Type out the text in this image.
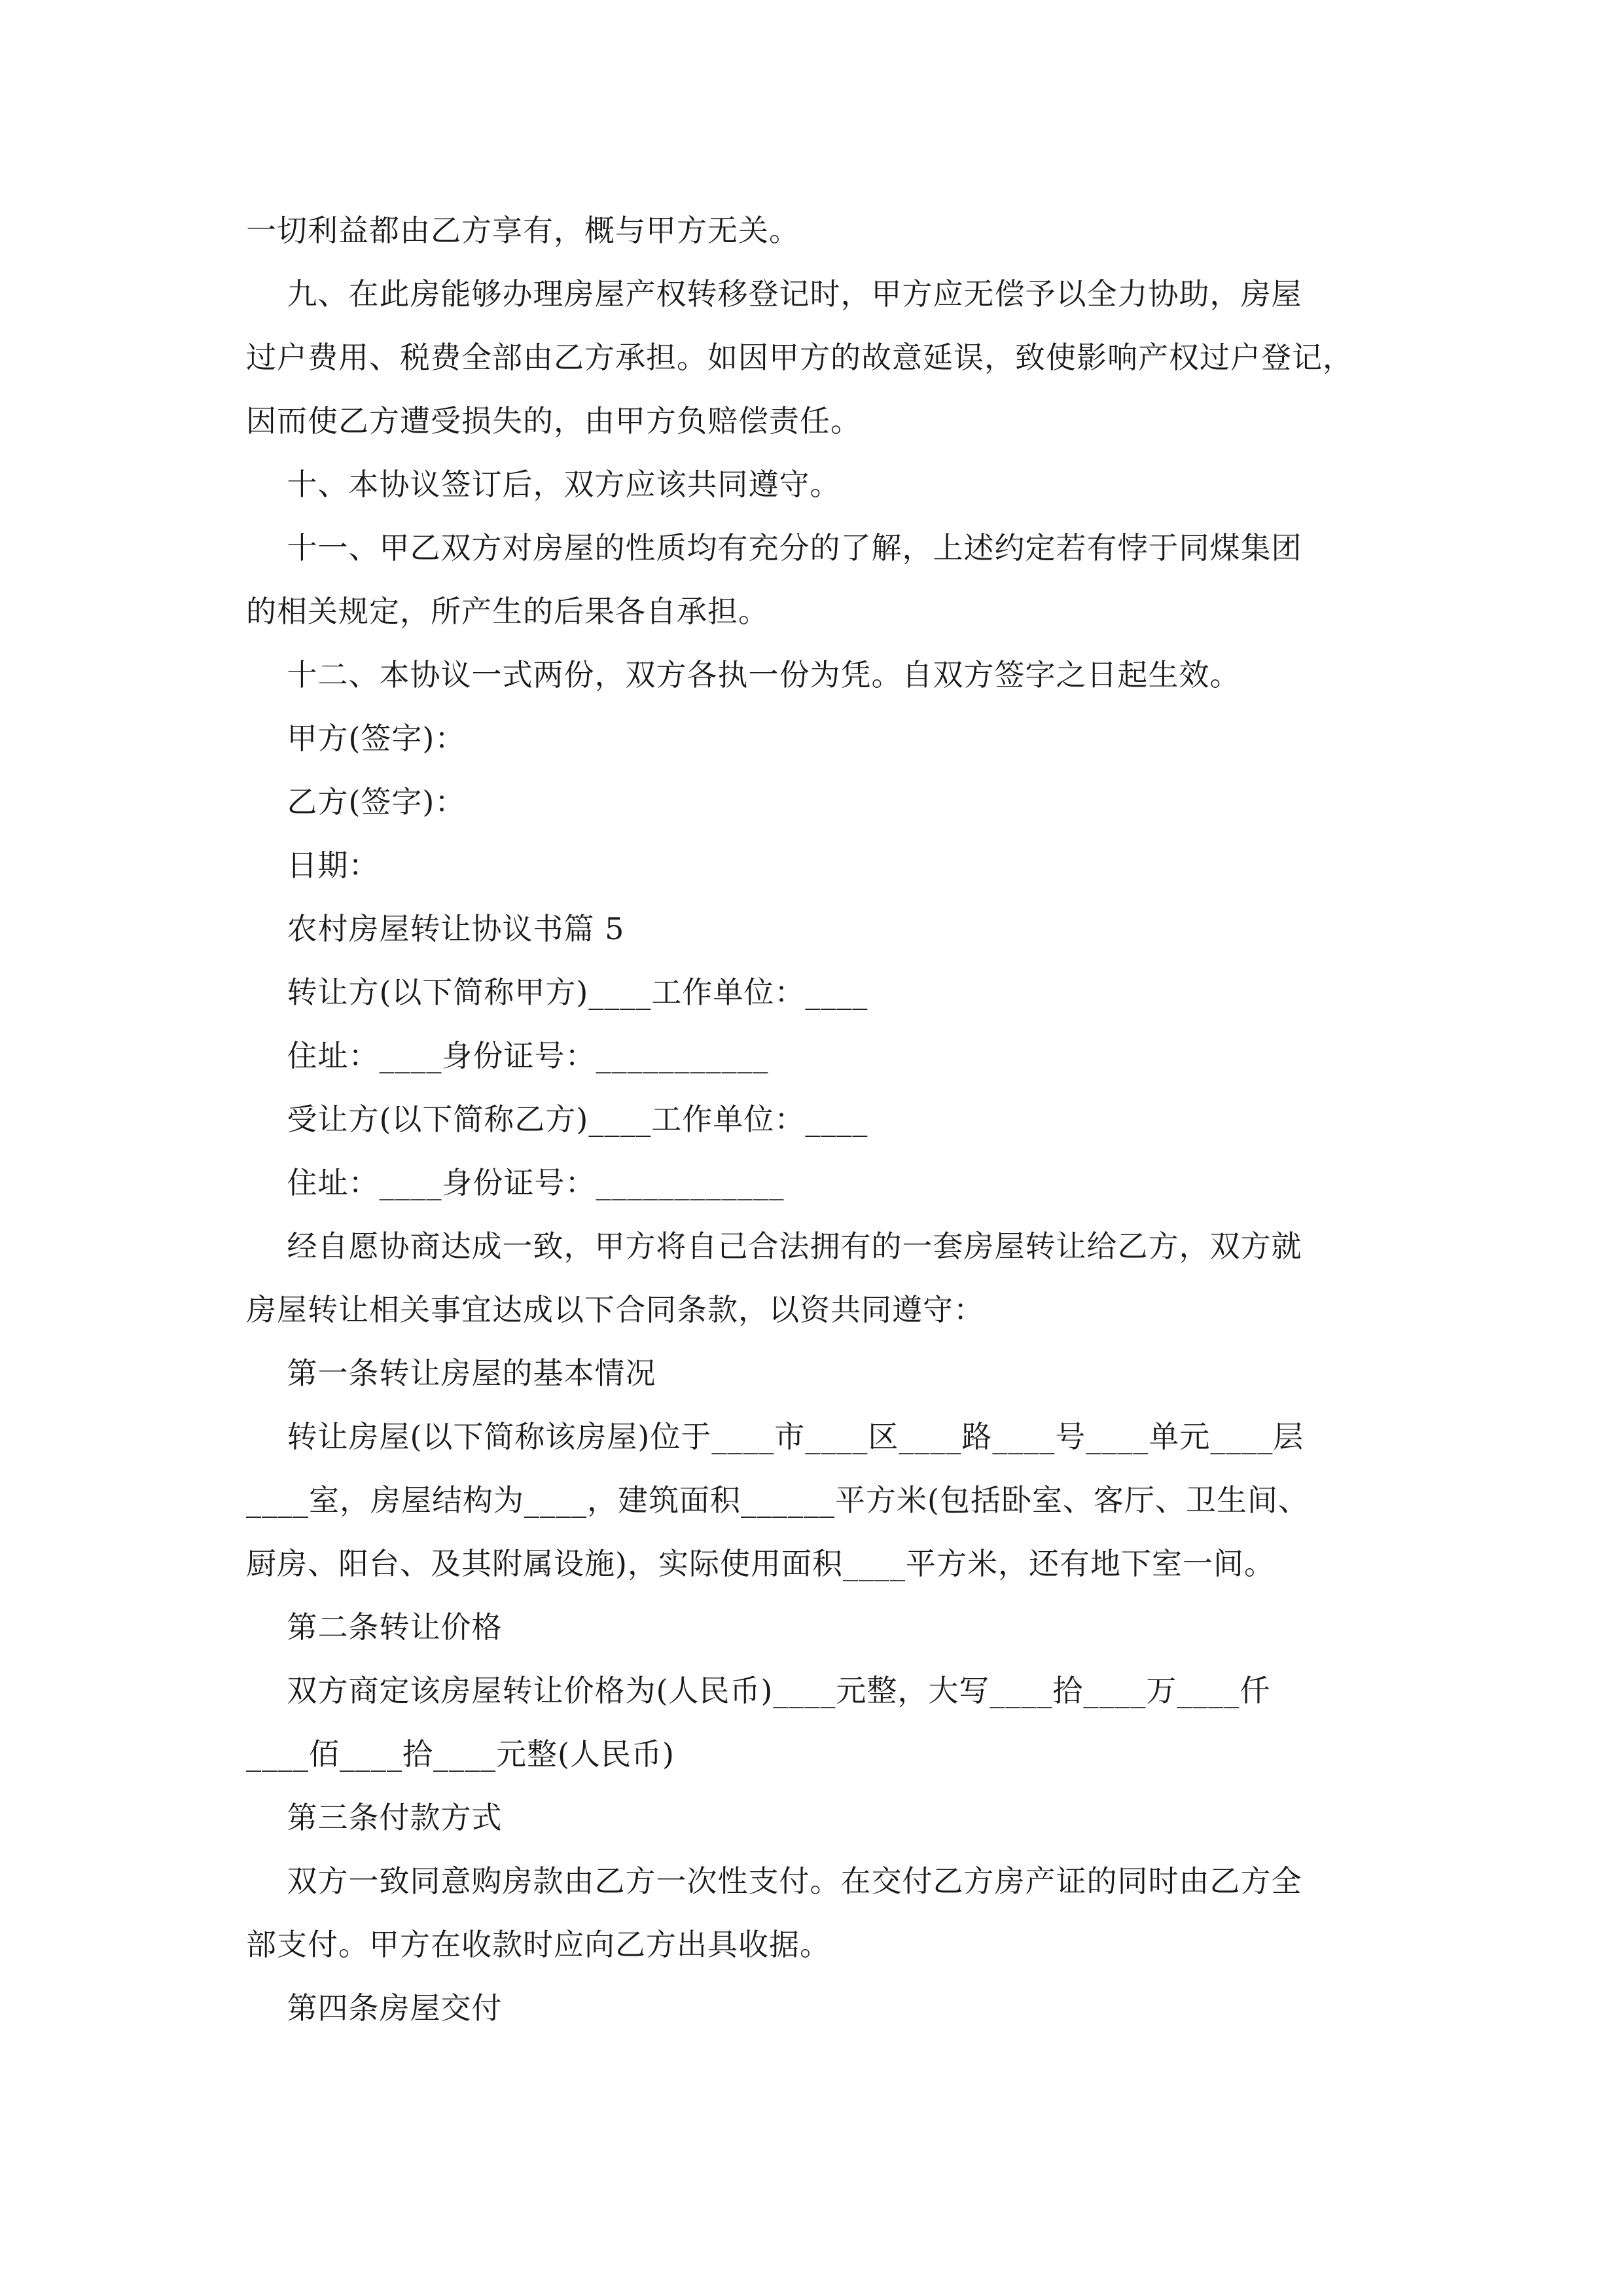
一切利益都由乙方享有，概与甲方无关。
九、在此房能够办理房屋产权转移登记时，甲方应无偿予以全力协助，房屋
过户费用、税费全部由乙方承担。如因甲方的故意延误，致使影响产权过户登记，
因而使乙方遭受损失的，由甲方负赔偿责任。
十、本协议签订后，双方应该共同遵守。
十一、甲乙双方对房屋的性质均有充分的了解，上述约定若有悖于同煤集团
的相关规定，所产生的后果各自承担。
十二、本协议一式两份，双方各执一份为凭。自双方签字之日起生效。
甲方(签字)：
乙方(签字)：
日期：
农村房屋转让协议书篇 5
转让方(以下简称甲方)____工作单位：____
住址：____身份证号：___________
受让方(以下简称乙方)____工作单位：____
住址：____身份证号：____________
经自愿协商达成一致，甲方将自己合法拥有的一套房屋转让给乙方，双方就
房屋转让相关事宜达成以下合同条款，以资共同遵守：
第一条转让房屋的基本情况
转让房屋(以下简称该房屋)位于____市____区____路____号____单元____层
____室，房屋结构为____，建筑面积______平方米(包括卧室、客厅、卫生间、
厨房、阳台、及其附属设施)，实际使用面积____平方米，还有地下室一间。
第二条转让价格
双方商定该房屋转让价格为(人民币)____元整，大写____拾____万____仟
____佰____拾____元整(人民币)
第三条付款方式
双方一致同意购房款由乙方一次性支付。在交付乙方房产证的同时由乙方全
部支付。甲方在收款时应向乙方出具收据。
第四条房屋交付
